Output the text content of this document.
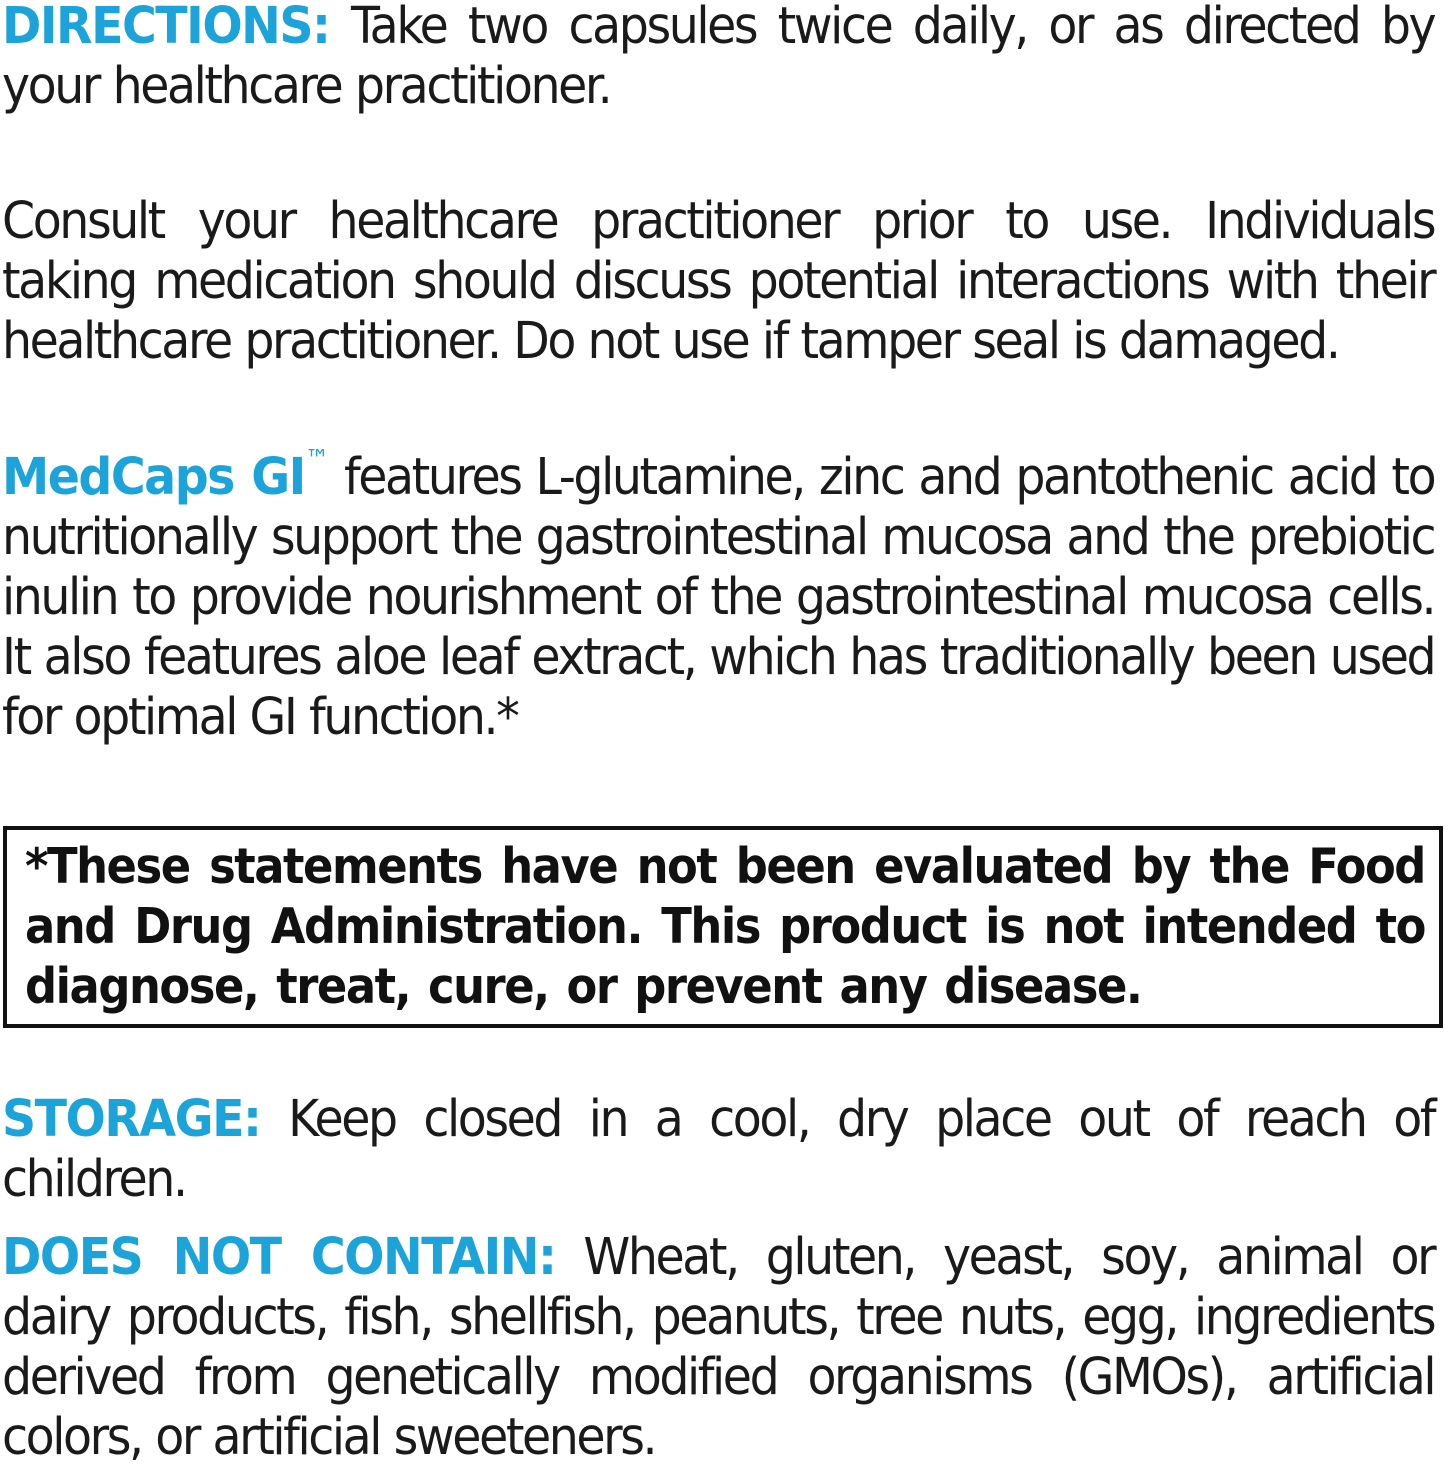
DIRECTIONS: Take two capsules twice daily, or as directed by your healthcare practitioner.
Consult your healthcare practitioner prior to use. Individuals taking medication should discuss potential interactions with their healthcare practitioner. Do not use if tamper seal is damaged.
MedCaps GI™ features L-glutamine, zinc and pantothenic acid to nutritionally support the gastrointestinal mucosa and the prebiotic inulin to provide nourishment of the gastrointestinal mucosa cells. It also features aloe leaf extract, which has traditionally been used for optimal GI function.*
*These statements have not been evaluated by the Food and Drug Administration. This product is not intended to diagnose, treat, cure, or prevent any disease.
STORAGE: Keep closed in a cool, dry place out of reach of children.
DOES NOT CONTAIN: Wheat, gluten, yeast, soy, animal or dairy products, fish, shellfish, peanuts, tree nuts, egg, ingredients derived from genetically modified organisms (GMOs), artificial colors, or artificial sweeteners.
